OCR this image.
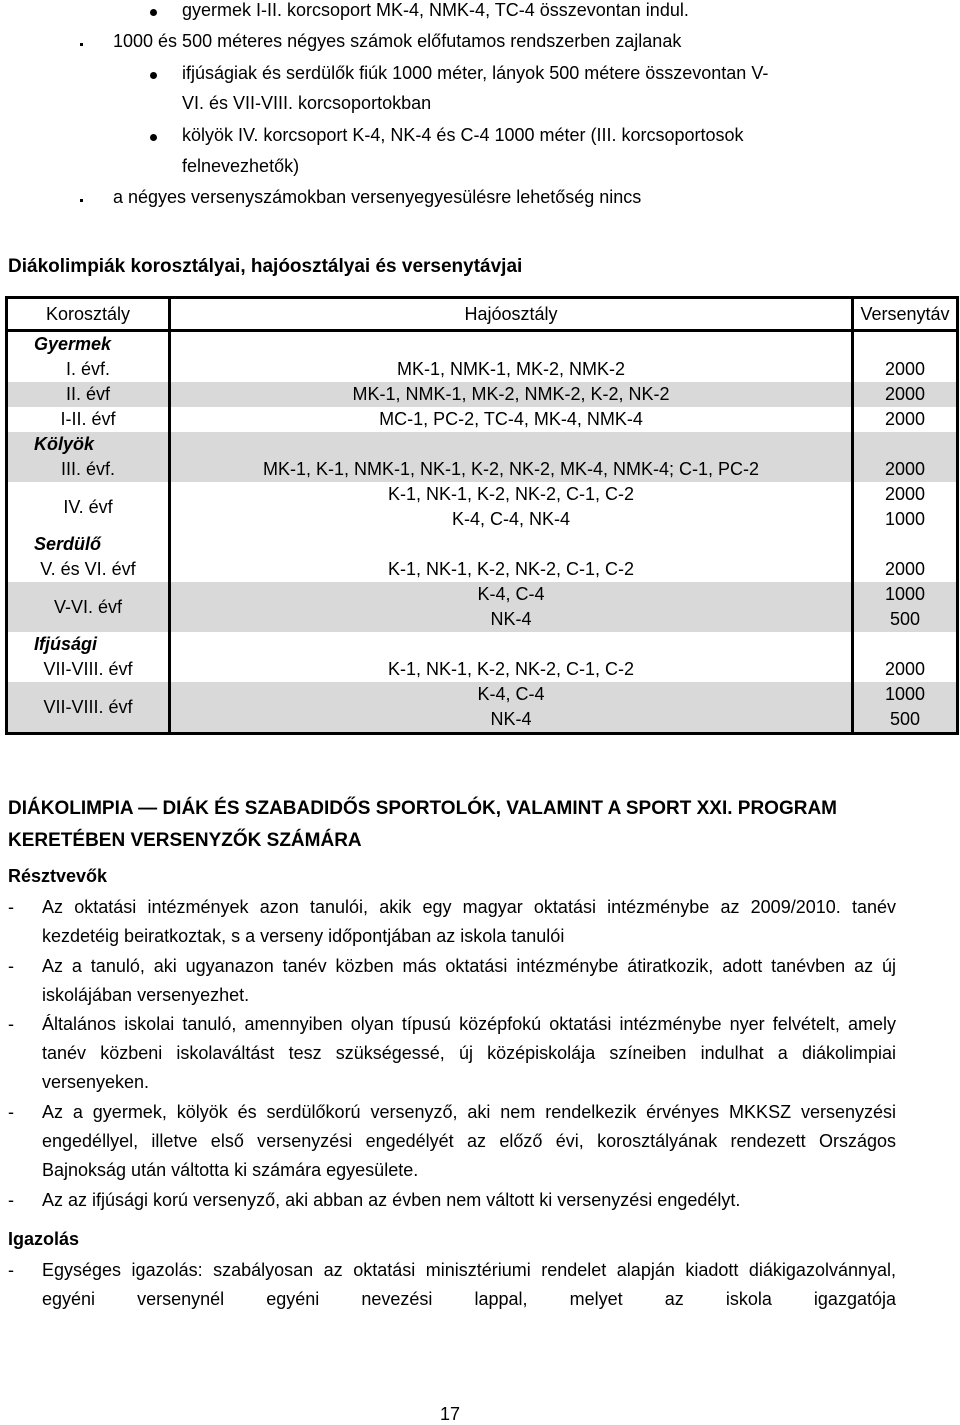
gyermek I-II. korcsoport MK-4, NMK-4, TC-4 összevontan indul.
1000 és 500 méteres négyes számok előfutamos rendszerben zajlanak
ifjúságiak és serdülők fiúk 1000 méter, lányok 500 métere összevontan V-
VI. és VII-VIII. korcsoportokban
kölyök IV. korcsoport K-4, NK-4 és C-4 1000 méter (III. korcsoportosok
felnevezhetők)
a négyes versenyszámokban versenyegyesülésre lehetőség nincs
Diákolimpiák korosztályai, hajóosztályai és versenytávjai
Korosztály	Hajóosztály	Versenytáv
Gyermek		

I. évf.	MK-1, NMK-1, MK-2, NMK-2	2000

II. évf	MK-1, NMK-1, MK-2, NMK-2, K-2, NK-2	2000

I-II. évf	MC-1, PC-2, TC-4, MK-4, NMK-4	2000
Kölyök		

III. évf.	MK-1, K-1, NMK-1, NK-1, K-2, NK-2, MK-4, NMK-4; C-1, PC-2	2000

IV. évf	K-1, NK-1, K-2, NK-2, C-1, C-2	2000
	K-4, C-4, NK-4	1000
Serdülő		

V. és VI. évf	K-1, NK-1, K-2, NK-2, C-1, C-2	2000

V-VI. évf	K-4, C-4	1000
	NK-4	500
Ifjúsági		

VII-VIII. évf	K-1, NK-1, K-2, NK-2, C-1, C-2	2000

VII-VIII. évf	K-4, C-4	1000
	NK-4	500
DIÁKOLIMPIA — DIÁK ÉS SZABADIDŐS SPORTOLÓK, VALAMINT A SPORT XXI. PROGRAM KERETÉBEN VERSENYZŐK SZÁMÁRA
Résztvevők
- Az oktatási intézmények azon tanulói, akik egy magyar oktatási intézménybe az 2009/2010. tanév kezdetéig beiratkoztak, s a verseny időpontjában az iskola tanulói
- Az a tanuló, aki ugyanazon tanév közben más oktatási intézménybe átiratkozik, adott tanévben az új iskolájában versenyezhet.
- Általános iskolai tanuló, amennyiben olyan típusú középfokú oktatási intézménybe nyer felvételt, amely tanév közbeni iskolaváltást tesz szükségessé, új középiskolája színeiben indulhat a diákolimpiai versenyeken.
- Az a gyermek, kölyök és serdülőkorú versenyző, aki nem rendelkezik érvényes MKKSZ versenyzési engedéllyel, illetve első versenyzési engedélyét az előző évi, korosztályának rendezett Országos Bajnokság után váltotta ki számára egyesülete.
- Az az ifjúsági korú versenyző, aki abban az évben nem váltott ki versenyzési engedélyt.
Igazolás
- Egységes igazolás: szabályosan az oktatási minisztériumi rendelet alapján kiadott diákigazolvánnyal, egyéni versenynél egyéni nevezési lappal, melyet az iskola igazgatója
17
